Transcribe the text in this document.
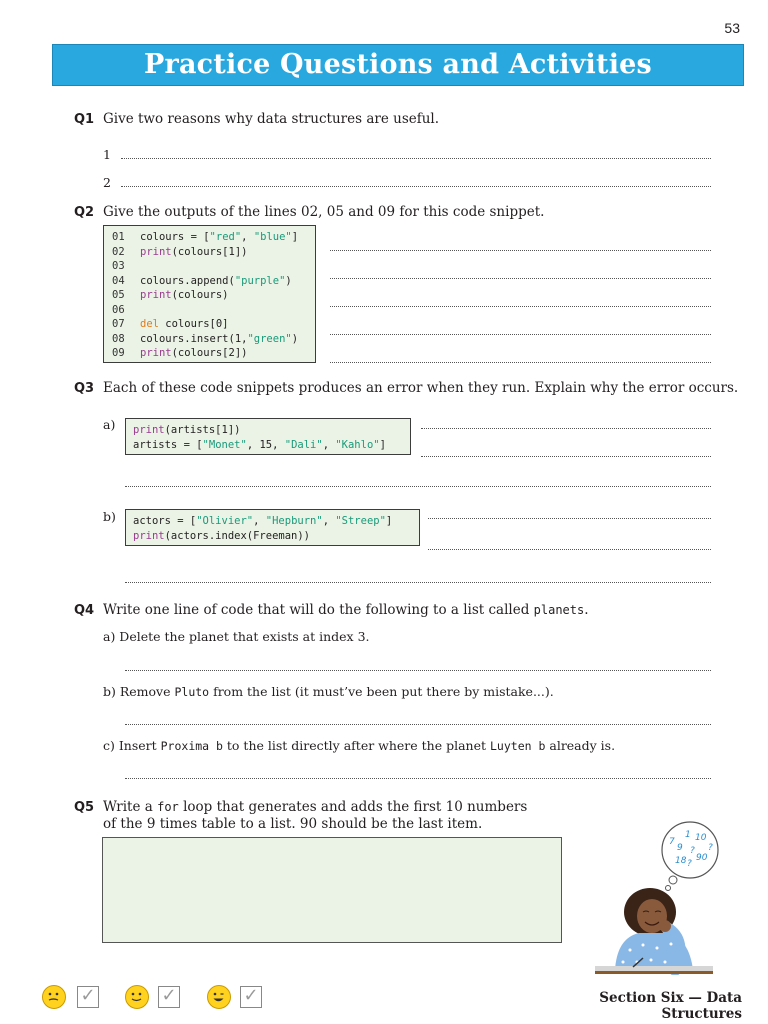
53
Practice Questions and Activities
Q1 Give two reasons why data structures are useful.
1
2
Q2 Give the outputs of the lines 02, 05 and 09 for this code snippet.
01 colours = ["red", "blue"]
02 print(colours[1])
03
04 colours.append("purple")
05 print(colours)
06
07 del colours[0]
08 colours.insert(1,"green")
09 print(colours[2])
Q3 Each of these code snippets produces an error when they run. Explain why the error occurs.
a) print(artists[1])
artists = ["Monet", 15, "Dali", "Kahlo"]
b) actors = ["Olivier", "Hepburn", "Streep"]
print(actors.index(Freeman))
Q4 Write one line of code that will do the following to a list called planets.
a) Delete the planet that exists at index 3.
b) Remove Pluto from the list (it must’ve been put there by mistake...).
c) Insert Proxima b to the list directly after where the planet Luyten b already is.
Q5 Write a for loop that generates and adds the first 10 numbers
of the 9 times table to a list. 90 should be the last item.
7
1 10
9 ? ?
18 ?
90
✓	✓	✓	Section Six — Data Structures
